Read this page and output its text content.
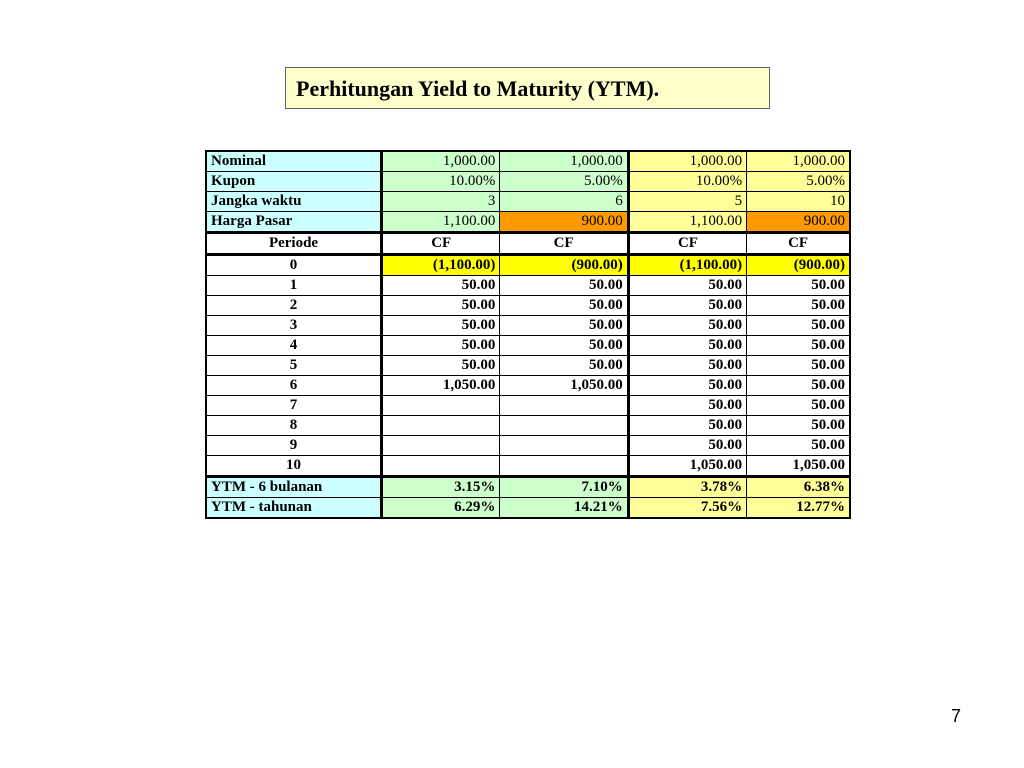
Perhitungan Yield to Maturity (YTM).
Nominal	1,000.00	1,000.00	1,000.00	1,000.00
Kupon	10.00%	5.00%	10.00%	5.00%
Jangka waktu	3	6	5	10
Harga Pasar	1,100.00	900.00	1,100.00	900.00
Periode	CF	CF	CF	CF
0	(1,100.00)	(900.00)	(1,100.00)	(900.00)
1	50.00	50.00	50.00	50.00
2	50.00	50.00	50.00	50.00
3	50.00	50.00	50.00	50.00
4	50.00	50.00	50.00	50.00
5	50.00	50.00	50.00	50.00
6	1,050.00	1,050.00	50.00	50.00
7			50.00	50.00
8			50.00	50.00
9			50.00	50.00
10			1,050.00	1,050.00
YTM - 6 bulanan	3.15%	7.10%	3.78%	6.38%
YTM - tahunan	6.29%	14.21%	7.56%	12.77%
7
